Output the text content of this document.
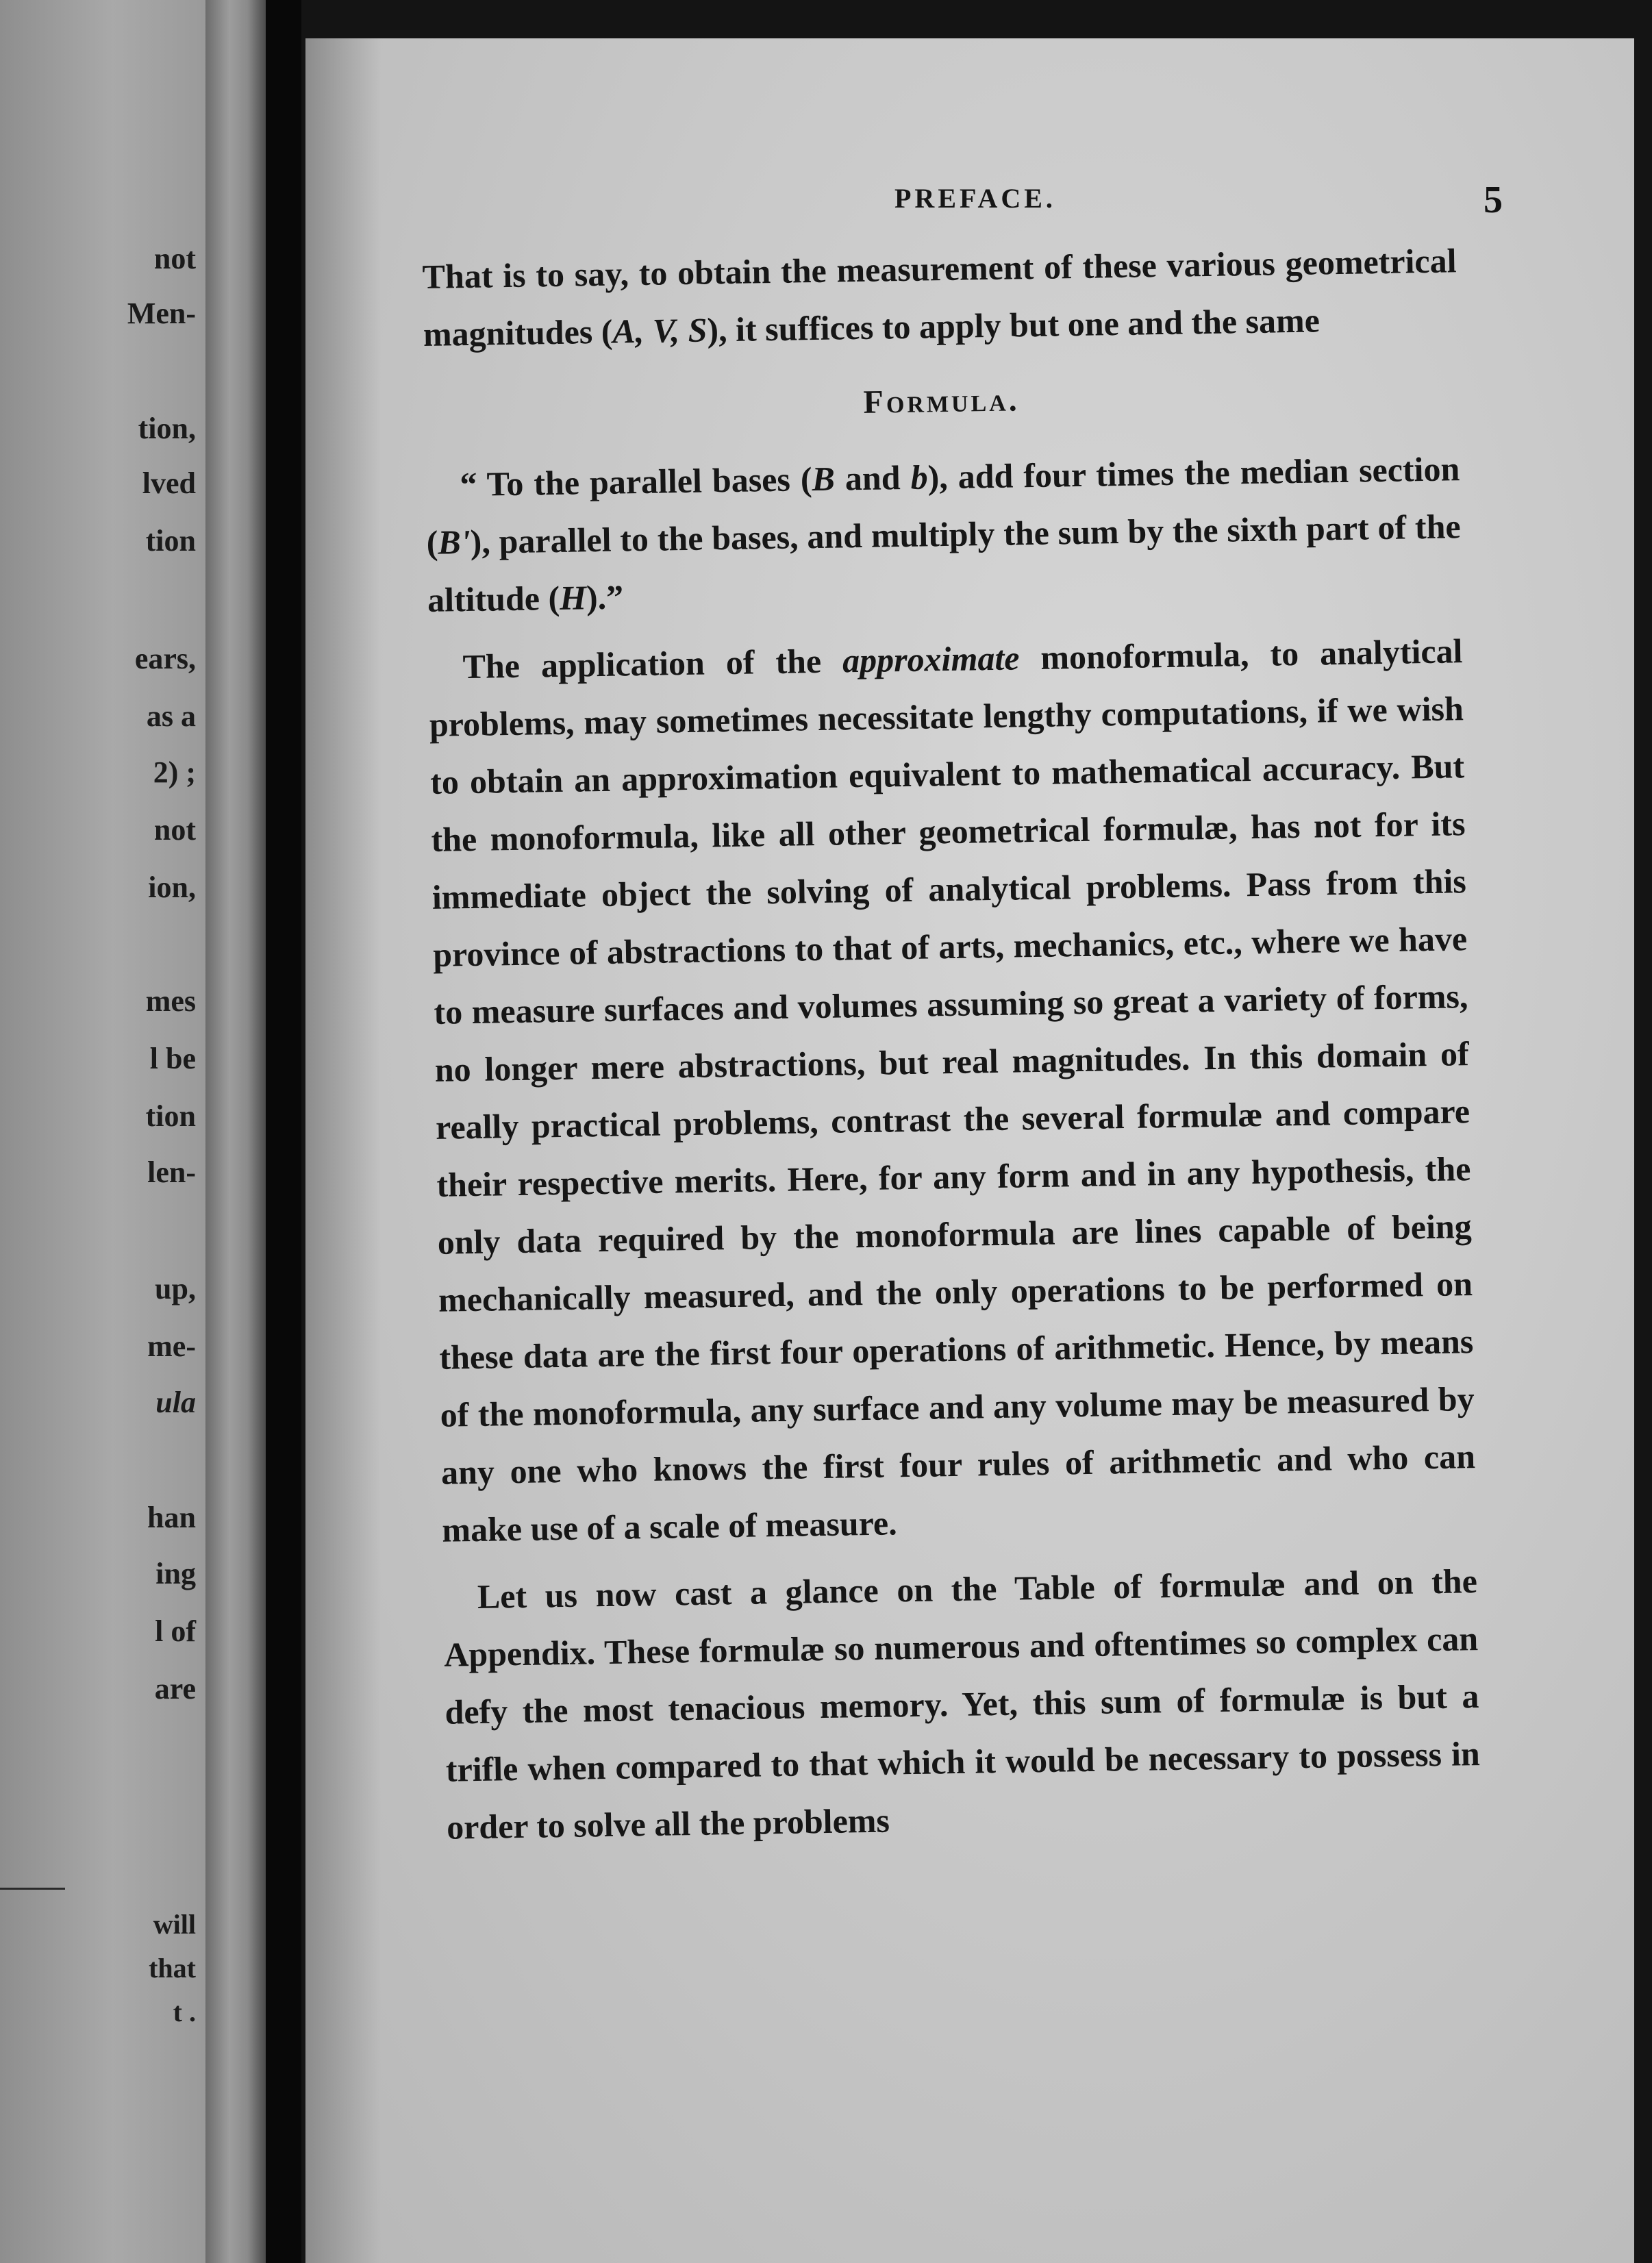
not

Men-

tion,

lved

tion

ears,

as a

2) ;

not

ion,

mes

l be

tion

len-

up,

me-

ula

han

ing

l of

are

will

that

t .

PREFACE.	5

That is to say, to obtain the measurement of these various geometrical magnitudes (A, V, S), it suffices to apply but one and the same

Formula.

“ To the parallel bases (B and b), add four times the median section (B'), parallel to the bases, and multiply the sum by the sixth part of the altitude (H).”

The application of the approximate monoformula, to analytical problems, may sometimes necessitate lengthy computations, if we wish to obtain an approximation equivalent to mathematical accuracy. But the monoformula, like all other geometrical formulæ, has not for its immediate object the solving of analytical problems. Pass from this province of abstractions to that of arts, mechanics, etc., where we have to measure surfaces and volumes assuming so great a variety of forms, no longer mere abstractions, but real magnitudes. In this domain of really practical problems, contrast the several formulæ and compare their respective merits. Here, for any form and in any hypothesis, the only data required by the monoformula are lines capable of being mechanically measured, and the only operations to be performed on these data are the first four operations of arithmetic. Hence, by means of the monoformula, any surface and any volume may be measured by any one who knows the first four rules of arithmetic and who can make use of a scale of measure.

Let us now cast a glance on the Table of formulæ and on the Appendix. These formulæ so numerous and oftentimes so complex can defy the most tenacious memory. Yet, this sum of formulæ is but a trifle when compared to that which it would be necessary to possess in order to solve all the problems
